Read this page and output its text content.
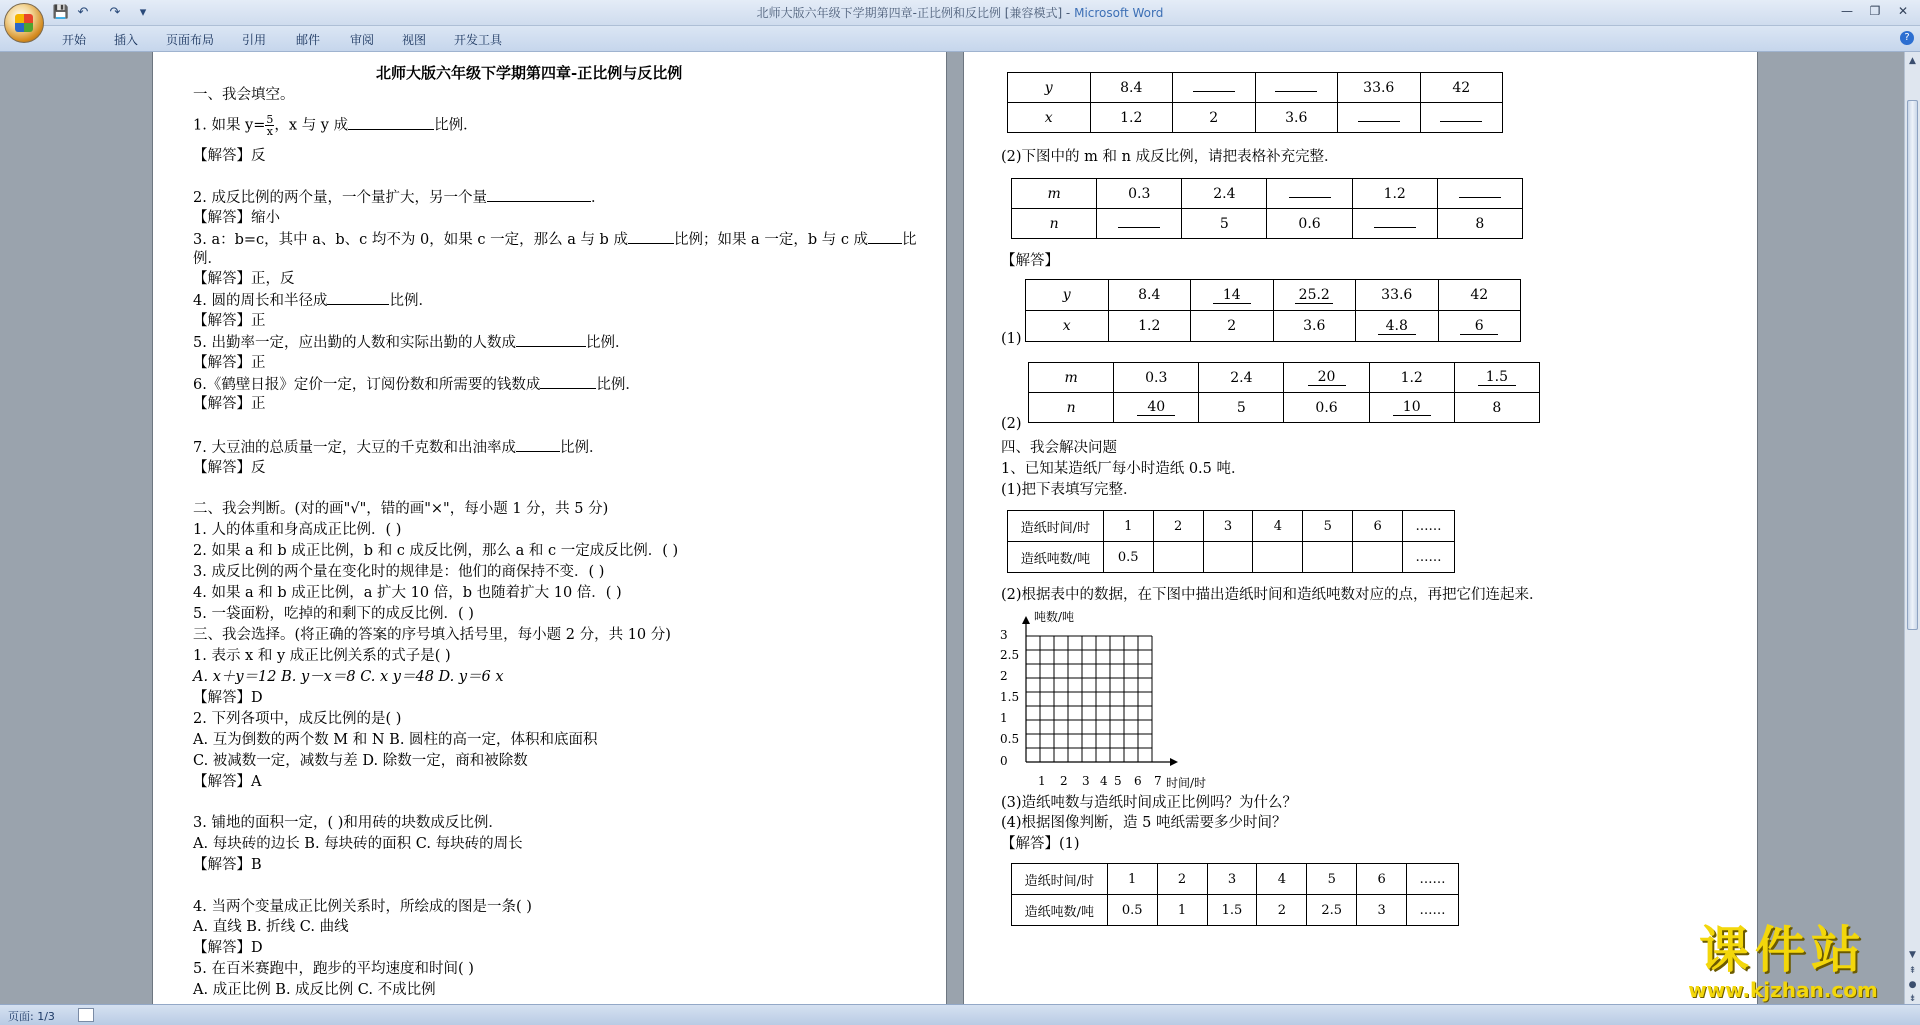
💾 ↶ ↷ ▾	北师大版六年级下学期第四章-正比例和反比例 [兼容模式] - Microsoft Word	—	❐	✕
开始 插入 页面布局 引用 邮件 审阅 视图 开发工具	?
北师大版六年级下学期第四章-正比例与反比例
一、我会填空。
1. 如果 $y= \frac{5}{x}$ ，x 与 y 成	比例．
【解答】反
2. 成反比例的两个量，一个量扩大，另一个量	．
【解答】缩小
3. a：b=c，其中 a、b、c 均不为 0，如果 c 一定，那么 a 与 b 成	比例；如果 a 一定，b 与 c 成 比
例．
【解答】正，反
4. 圆的周长和半径成	比例．
【解答】正
5. 出勤率一定，应出勤的人数和实际出勤的人数成	比例．
【解答】正
6.《鹤壁日报》定价一定，订阅份数和所需要的钱数成	比例．
【解答】正
7. 大豆油的总质量一定，大豆的千克数和出油率成	比例．
【解答】反
二、我会判断。(对的画"√"，错的画"×"，每小题 1 分，共 5 分)
1. 人的体重和身高成正比例．( )
2. 如果 a 和 b 成正比例，b 和 c 成反比例，那么 a 和 c 一定成反比例．( )
3. 成反比例的两个量在变化时的规律是：他们的商保持不变．( )
4. 如果 a 和 b 成正比例，a 扩大 10 倍，b 也随着扩大 10 倍．( )
5. 一袋面粉，吃掉的和剩下的成反比例．( )
三、我会选择。(将正确的答案的序号填入括号里，每小题 2 分，共 10 分)
1. 表示 x 和 y 成正比例关系的式子是( )
A. x＋y＝12 B. y－x＝8 C. x y＝48 D. y＝6 x
【解答】D
2. 下列各项中，成反比例的是( )
A. 互为倒数的两个数 M 和 N B. 圆柱的高一定，体积和底面积
C. 被减数一定，减数与差 D. 除数一定，商和被除数
【解答】A
3. 铺地的面积一定，( )和用砖的块数成反比例．
A. 每块砖的边长 B. 每块砖的面积 C. 每块砖的周长
【解答】B
4. 当两个变量成正比例关系时，所绘成的图是一条( )
A. 直线 B. 折线 C. 曲线
【解答】D
5. 在百米赛跑中，跑步的平均速度和时间( )
A. 成正比例 B. 成反比例 C. 不成比例
y	8.4			33.6	42
x	1.2	2	3.6		
(2)下图中的 m 和 n 成反比例，请把表格补充完整．
m	0.3	2.4		1.2	
n		5	0.6		8
【解答】
(1)
y	8.4	14	25.2	33.6	42
x	1.2	2	3.6	4.8	6
(2)
m	0.3	2.4	20	1.2	1.5
n	40	5	0.6	10	8
四、我会解决问题
1、已知某造纸厂每小时造纸 0.5 吨．
(1)把下表填写完整．
造纸时间/时	1	2	3	4	5	6	……
造纸吨数/吨	0.5						……
(2)根据表中的数据，在下图中描出造纸时间和造纸吨数对应的点，再把它们连起来．
吨数/吨
3
2.5
2
1.5
1
0.5
0
1 2 3 4 5 6 7 时间/时
(3)造纸吨数与造纸时间成正比例吗？为什么？
(4)根据图像判断，造 5 吨纸需要多少时间？
【解答】(1)
造纸时间/时	1	2	3	4	5	6	……
造纸吨数/吨	0.5	1	1.5	2	2.5	3	……
▲
▼
⇞
●
⇟
页面: 1/3
课件站
www.kjzhan.com
